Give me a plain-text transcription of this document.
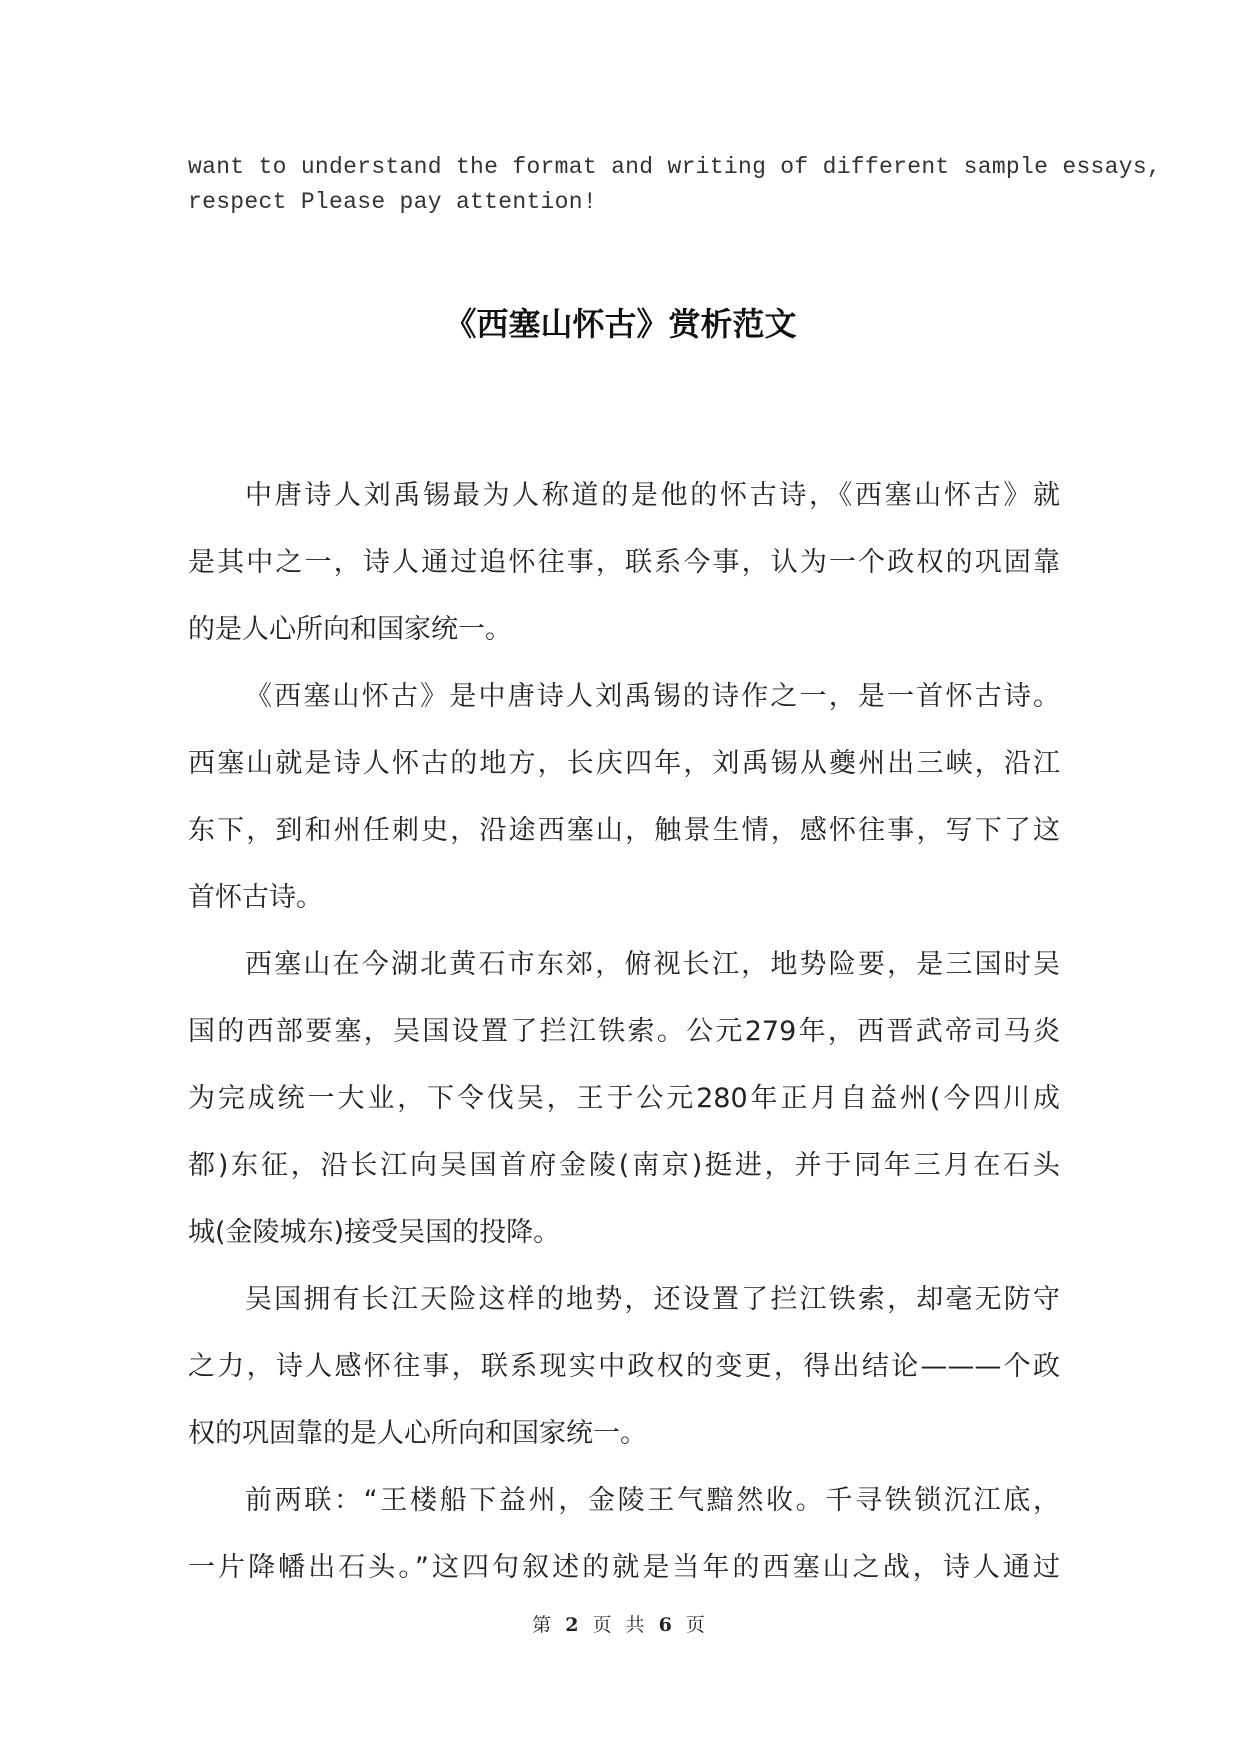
want to understand the format and writing of different sample essays,
respect Please pay attention!
《西塞山怀古》赏析范文
中唐诗人刘禹锡最为人称道的是他的怀古诗，《西塞山怀古》就
是其中之一，诗人通过追怀往事，联系今事，认为一个政权的巩固靠
的是人心所向和国家统一。
《西塞山怀古》是中唐诗人刘禹锡的诗作之一，是一首怀古诗。
西塞山就是诗人怀古的地方，长庆四年，刘禹锡从夔州出三峡，沿江
东下，到和州任刺史，沿途西塞山，触景生情，感怀往事，写下了这
首怀古诗。
西塞山在今湖北黄石市东郊，俯视长江，地势险要，是三国时吴
国的西部要塞，吴国设置了拦江铁索。公元279年，西晋武帝司马炎
为完成统一大业，下令伐吴，王于公元280年正月自益州(今四川成
都)东征，沿长江向吴国首府金陵(南京)挺进，并于同年三月在石头
城(金陵城东)接受吴国的投降。
吴国拥有长江天险这样的地势，还设置了拦江铁索，却毫无防守
之力，诗人感怀往事，联系现实中政权的变更，得出结论———个政
权的巩固靠的是人心所向和国家统一。
前两联：“王楼船下益州，金陵王气黯然收。千寻铁锁沉江底，
一片降幡出石头。”这四句叙述的就是当年的西塞山之战，诗人通过
第 2 页 共 6 页
